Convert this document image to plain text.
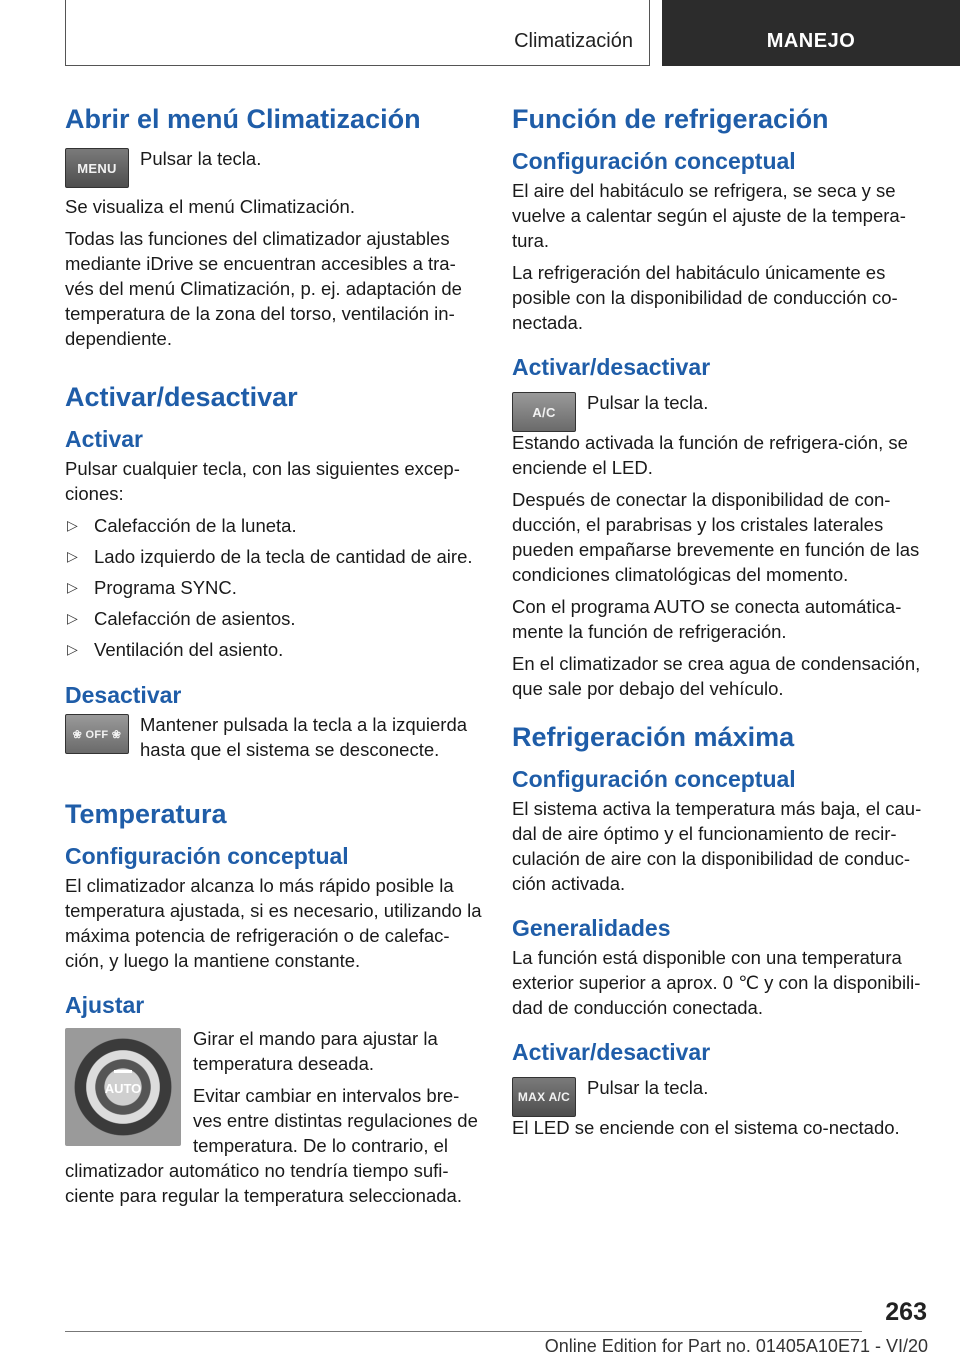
Climatización	MANEJO
Abrir el menú Climatización
MENU Pulsar la tecla.

Se visualiza el menú Climatización.

Todas las funciones del climatizador ajustables mediante iDrive se encuentran accesibles a tra‐vés del menú Climatización, p. ej. adaptación de temperatura de la zona del torso, ventilación in‐dependiente.

Activar/desactivar
Activar

Pulsar cualquier tecla, con las siguientes excep‐ciones:

▷ Calefacción de la luneta.
▷ Lado izquierdo de la tecla de cantidad de aire.
▷ Programa SYNC.
▷ Calefacción de asientos.
▷ Ventilación del asiento.
Desactivar
❀ OFF ❀ Mantener pulsada la tecla a la izquierda hasta que el sistema se desconecte.

Temperatura
Configuración conceptual

El climatizador alcanza lo más rápido posible la temperatura ajustada, si es necesario, utilizando la máxima potencia de refrigeración o de calefac‐ción, y luego la mantiene constante.

Ajustar
AUTO

Girar el mando para ajustar la temperatura deseada.

Evitar cambiar en intervalos bre‐ves entre distintas regulaciones de temperatura. De lo contrario, el climatizador automático no tendría tiempo sufi‐ciente para regular la temperatura seleccionada.

Función de refrigeración
Configuración conceptual

El aire del habitáculo se refrigera, se seca y se vuelve a calentar según el ajuste de la tempera‐tura.

La refrigeración del habitáculo únicamente es posible con la disponibilidad de conducción co‐nectada.

Activar/desactivar
A/C Pulsar la tecla.

Estando activada la función de refrigera‐ción, se enciende el LED.

Después de conectar la disponibilidad de con‐ducción, el parabrisas y los cristales laterales pueden empañarse brevemente en función de las condiciones climatológicas del momento.

Con el programa AUTO se conecta automática‐mente la función de refrigeración.

En el climatizador se crea agua de condensación, que sale por debajo del vehículo.

Refrigeración máxima
Configuración conceptual

El sistema activa la temperatura más baja, el cau‐dal de aire óptimo y el funcionamiento de recir‐culación de aire con la disponibilidad de conduc‐ción activada.

Generalidades

La función está disponible con una temperatura exterior superior a aprox. 0 ℃ y con la disponibili‐dad de conducción conectada.

Activar/desactivar
MAX A/C Pulsar la tecla.

El LED se enciende con el sistema co‐nectado.

263
Online Edition for Part no. 01405A10E71 - VI/20
